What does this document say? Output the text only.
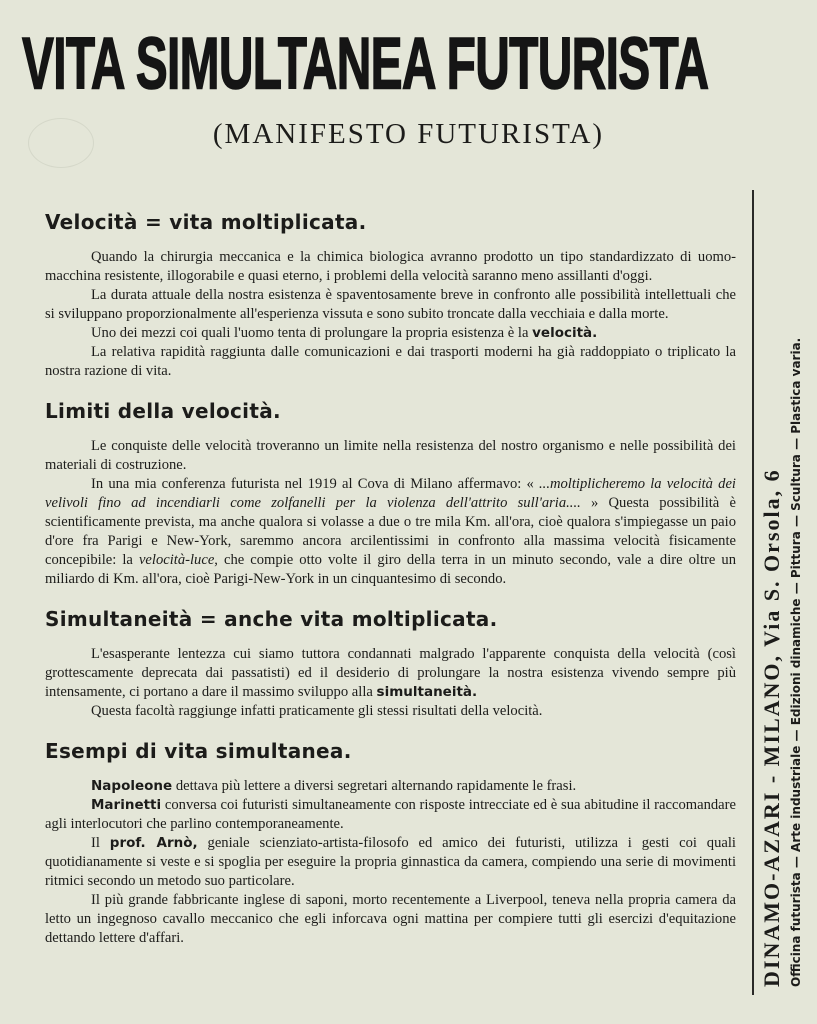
VITA SIMULTANEA FUTURISTA
(MANIFESTO FUTURISTA)
Velocità = vita moltiplicata.

Quando la chirurgia meccanica e la chimica biologica avranno prodotto un tipo standardizzato di uomo-macchina resistente, illogorabile e quasi eterno, i problemi della velocità saranno meno assillanti d'oggi.

La durata attuale della nostra esistenza è spaventosamente breve in confronto alle possibilità intellettuali che si sviluppano proporzionalmente all'esperienza vissuta e sono subito troncate dalla vecchiaia e dalla morte.

Uno dei mezzi coi quali l'uomo tenta di prolungare la propria esistenza è la velocità.

La relativa rapidità raggiunta dalle comunicazioni e dai trasporti moderni ha già raddoppiato o triplicato la nostra razione di vita.

Limiti della velocità.

Le conquiste delle velocità troveranno un limite nella resistenza del nostro organismo e nelle possibilità dei materiali di costruzione.

In una mia conferenza futurista nel 1919 al Cova di Milano affermavo: « ...moltiplicheremo la velocità dei velivoli fino ad incendiarli come zolfanelli per la violenza dell'attrito sull'aria.... » Questa possibilità è scientificamente prevista, ma anche qualora si volasse a due o tre mila Km. all'ora, cioè qualora s'impiegasse un paio d'ore fra Parigi e New-York, saremmo ancora arcilentissimi in confronto alla massima velocità fisicamente concepibile: la velocità-luce, che compie otto volte il giro della terra in un minuto secondo, vale a dire oltre un miliardo di Km. all'ora, cioè Parigi-New-York in un cinquantesimo di secondo.

Simultaneità = anche vita moltiplicata.

L'esasperante lentezza cui siamo tuttora condannati malgrado l'apparente conquista della velocità (così grottescamente deprecata dai passatisti) ed il desiderio di prolungare la nostra esistenza vivendo sempre più intensamente, ci portano a dare il massimo sviluppo alla simultaneità.

Questa facoltà raggiunge infatti praticamente gli stessi risultati della velocità.

Esempi di vita simultanea.

Napoleone dettava più lettere a diversi segretari alternando rapidamente le frasi.

Marinetti conversa coi futuristi simultaneamente con risposte intrecciate ed è sua abitudine il raccomandare agli interlocutori che parlino contemporaneamente.

Il prof. Arnò, geniale scienziato-artista-filosofo ed amico dei futuristi, utilizza i gesti coi quali quotidianamente si veste e si spoglia per eseguire la propria ginnastica da camera, compiendo una serie di movimenti ritmici secondo un metodo suo particolare.

Il più grande fabbricante inglese di saponi, morto recentemente a Liverpool, teneva nella propria camera da letto un ingegnoso cavallo meccanico che egli inforcava ogni mattina per compiere tutti gli esercizi d'equitazione dettando lettere d'affari.	DINAMO-AZARI - MILANO, Via S. Orsola, 6 Officina futurista — Arte industriale — Edizioni dinamiche — Pittura — Scultura — Plastica varia.
